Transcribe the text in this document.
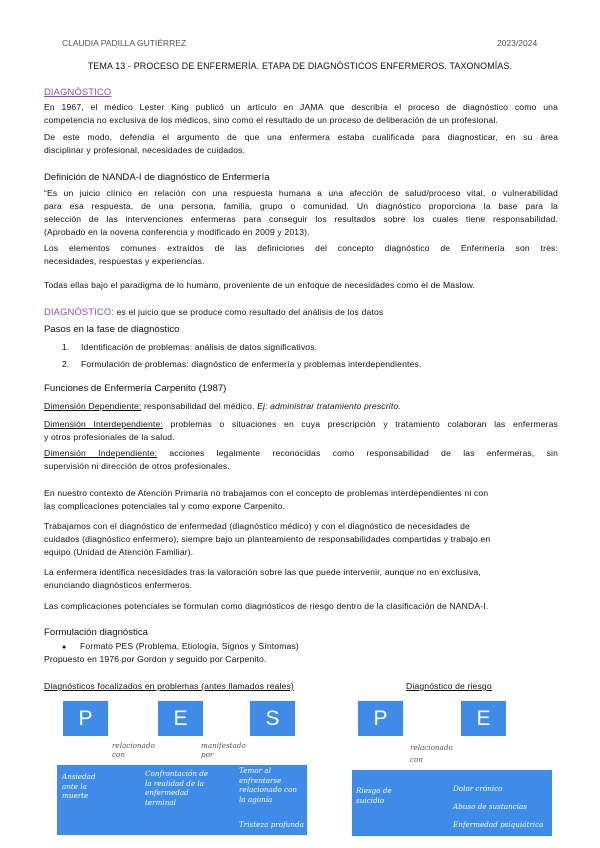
CLAUDIA PADILLA GUTIÉRREZ	2023/2024
TEMA 13 - PROCESO DE ENFERMERÍA. ETAPA DE DIAGNÓSTICOS ENFERMEROS. TAXONOMÍAS.
DIAGNÓSTICO
En 1967, el médico Lester King publicó un artículo en JAMA que describía el proceso de diagnóstico como una
competencia no exclusiva de los médicos, sino como el resultado de un proceso de deliberación de un profesional.
De este modo, defendía el argumento de que una enfermera estaba cualificada para diagnosticar, en su área
disciplinar y profesional, necesidades de cuidados.
Definición de NANDA-I de diagnóstico de Enfermería
“Es un juicio clínico en relación con una respuesta humana a una afección de salud/proceso vital, o vulnerabilidad
para esa respuesta, de una persona, familia, grupo o comunidad. Un diagnóstico proporciona la base para la
selección de las intervenciones enfermeras para conseguir los resultados sobre los cuales tiene responsabilidad.
(Aprobado en la novena conferencia y modificado en 2009 y 2013).
Los elementos comunes extraídos de las definiciones del concepto diagnóstico de Enfermería son tres:
necesidades, respuestas y experiencias.
Todas ellas bajo el paradigma de lo humano, proveniente de un enfoque de necesidades como el de Maslow.
DIAGNÓSTICO: es el juicio que se produce como resultado del análisis de los datos
Pasos en la fase de diagnóstico
1. Identificación de problemas: análisis de datos significativos.
2. Formulación de problemas: diagnóstico de enfermería y problemas interdependientes.
Funciones de Enfermería Carpenito (1987)
Dimensión Dependiente: responsabilidad del médico. Ej: administrar tratamiento prescrito.
Dimensión Interdependiente: problemas o situaciones en cuya prescripción y tratamiento colaboran las enfermeras
y otros profesionales de la salud.
Dimensión Independiente: acciones legalmente reconocidas como responsabilidad de las enfermeras, sin
supervisión ni dirección de otros profesionales.
En nuestro contexto de Atención Primaria no trabajamos con el concepto de problemas interdependientes ni con
las complicaciones potenciales tal y como expone Carpenito.
Trabajamos con el diagnóstico de enfermedad (diagnóstico médico) y con el diagnóstico de necesidades de
cuidados (diagnóstico enfermero), siempre bajo un planteamiento de responsabilidades compartidas y trabajo en
equipo (Unidad de Atención Familiar).
La enfermera identifica necesidades tras la valoración sobre las que puede intervenir, aunque no en exclusiva,
enunciando diagnósticos enfermeros.
Las complicaciones potenciales se formulan como diagnósticos de riesgo dentro de la clasificación de NANDA-I.
Formulación diagnóstica
● Formato PES (Problema, Etiología, Signos y Síntomas)
Propuesto en 1976 por Gordon y seguido por Carpenito.
Diagnósticos focalizados en problemas (antes llamados reales)	Diagnóstico de riesgo
P	E	S	P	E
relacionado con
manifestado por
relacionado con
Ansiedad ante la muerte
Confrontación de la realidad de la enfermedad terminal
Temor al enfrentarse relacionado con la agonía
Tristeza profunda
Riesgo de suicidio
Dolor crónico
Abuso de sustancias
Enfermedad psiquiátrica
